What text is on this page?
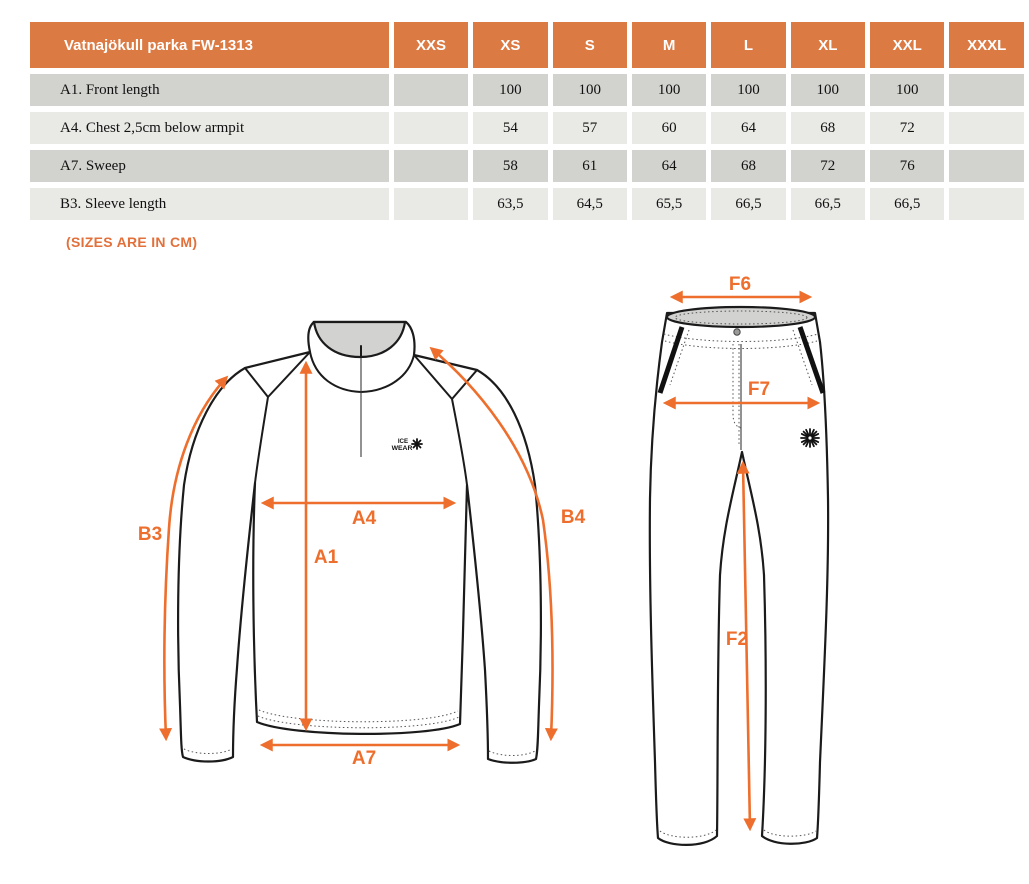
Vatnajökull parka FW-1313	XXS	XS	S	M	L	XL	XXL	XXXL
A1. Front length		100	100	100	100	100	100	
A4. Chest 2,5cm below armpit		54	57	60	64	68	72	
A7. Sweep		58	61	64	68	72	76	
B3. Sleeve length		63,5	64,5	65,5	66,5	66,5	66,5	
(SIZES ARE IN CM)
ICE
WEAR
B3
A4
A1
B4
A7
F6
F7
F2
